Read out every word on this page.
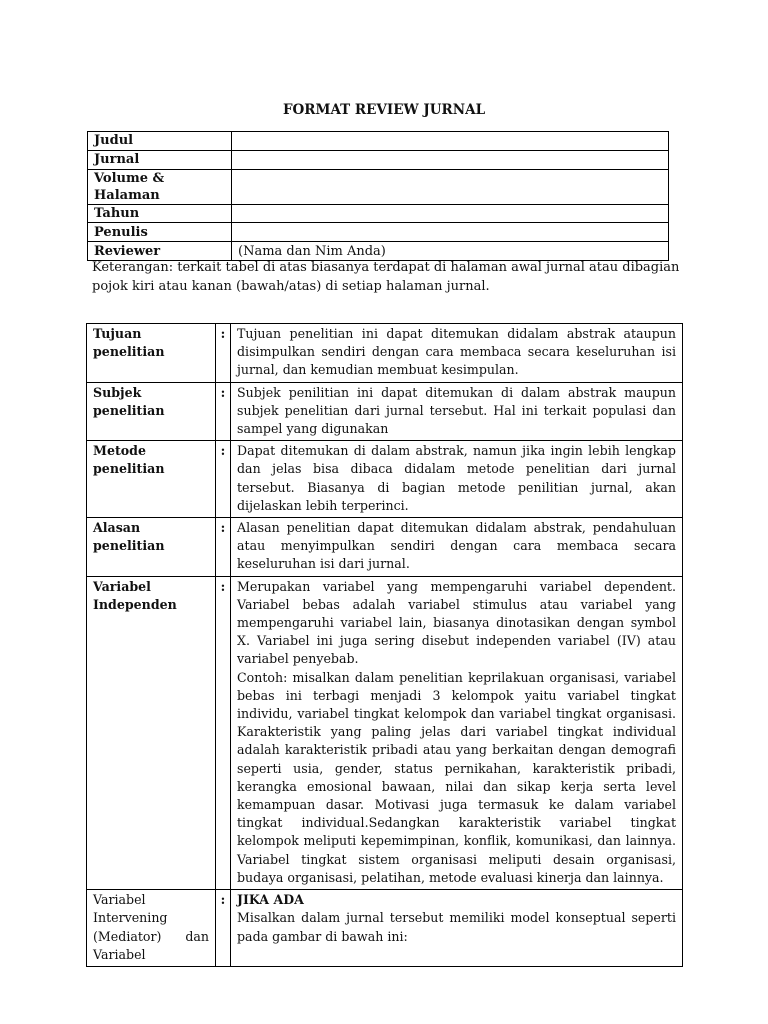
FORMAT REVIEW JURNAL
Judul	
Jurnal	
Volume & Halaman	
Tahun	
Penulis	
Reviewer	(Nama dan Nim Anda)
Keterangan: terkait tabel di atas biasanya terdapat di halaman awal jurnal atau dibagian pojok kiri atau kanan (bawah/atas) di setiap halaman jurnal.
Tujuan penelitian	:	Tujuan penelitian ini dapat ditemukan didalam abstrak ataupun disimpulkan sendiri dengan cara membaca secara keseluruhan isi jurnal, dan kemudian membuat kesimpulan.
Subjek penelitian	:	Subjek penilitian ini dapat ditemukan di dalam abstrak maupun subjek penelitian dari jurnal tersebut. Hal ini terkait populasi dan sampel yang digunakan
Metode penelitian	:	Dapat ditemukan di dalam abstrak, namun jika ingin lebih lengkap dan jelas bisa dibaca didalam metode penelitian dari jurnal tersebut. Biasanya di bagian metode penilitian jurnal, akan dijelaskan lebih terperinci.
Alasan penelitian	:	Alasan penelitian dapat ditemukan didalam abstrak, pendahuluan atau menyimpulkan sendiri dengan cara membaca secara keseluruhan isi dari jurnal.
Variabel Independen	:	Merupakan variabel yang mempengaruhi variabel dependent. Variabel bebas adalah variabel stimulus atau variabel yang mempengaruhi variabel lain, biasanya dinotasikan dengan symbol X. Variabel ini juga sering disebut independen variabel (IV) atau variabel penyebab.

Contoh: misalkan dalam penelitian keprilakuan organisasi, variabel bebas ini terbagi menjadi 3 kelompok yaitu variabel tingkat individu, variabel tingkat kelompok dan variabel tingkat organisasi. Karakteristik yang paling jelas dari variabel tingkat individual adalah karakteristik pribadi atau yang berkaitan dengan demografi seperti usia, gender, status pernikahan, karakteristik pribadi, kerangka emosional bawaan, nilai dan sikap kerja serta level kemampuan dasar. Motivasi juga termasuk ke dalam variabel tingkat individual.Sedangkan karakteristik variabel tingkat kelompok meliputi kepemimpinan, konflik, komunikasi, dan lainnya. Variabel tingkat sistem organisasi meliputi desain organisasi, budaya organisasi, pelatihan, metode evaluasi kinerja dan lainnya.

Variabel Intervening (Mediator) dan Variabel	:	JIKA ADA
Misalkan dalam jurnal tersebut memiliki model konseptual seperti pada gambar di bawah ini:
